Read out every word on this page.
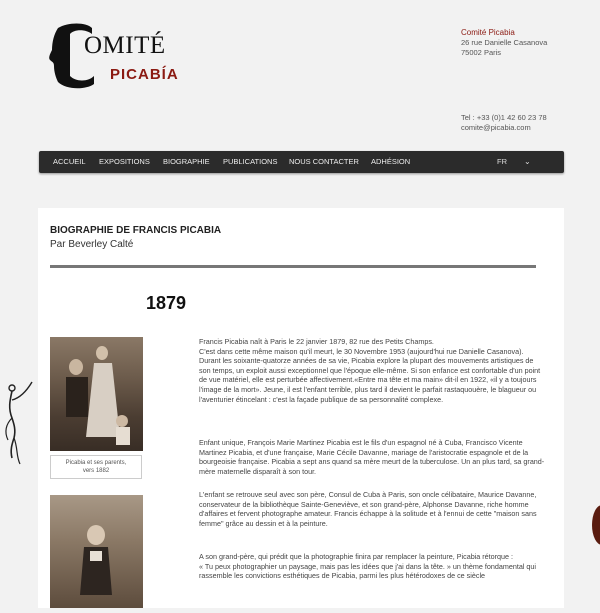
OMITÉ
PICABÍA
Comité Picabia
26 rue Danielle Casanova
75002 Paris
Tel : +33 (0)1 42 60 23 78
comite@picabia.com
ACCUEIL EXPOSITIONS BIOGRAPHIE PUBLICATIONS NOUS CONTACTER ADHÉSION	FR ⌄
BIOGRAPHIE DE FRANCIS PICABIA
Par Beverley Calté
1879
Picabia et ses parents,
vers 1882

Francis Picabia naît à Paris le 22 janvier 1879, 82 rue des Petits Champs.

C'est dans cette même maison qu'il meurt, le 30 Novembre 1953 (aujourd'hui rue Danielle Casanova).

Durant les soixante-quatorze années de sa vie, Picabia explore la plupart des mouvements artistiques de son temps, un exploit aussi exceptionnel que l'époque elle-même. Si son enfance est confortable d'un point de vue matériel, elle est perturbée affectivement.«Entre ma tête et ma main» dit-il en 1922, «il y a toujours l'image de la mort». Jeune, il est l'enfant terrible, plus tard il devient le parfait rastaquouère, le blagueur ou l'aventurier étincelant : c'est la façade publique de sa personnalité complexe.

Enfant unique, François Marie Martinez Picabia est le fils d'un espagnol né à Cuba, Francisco Vicente Martinez Picabia, et d'une française, Marie Cécile Davanne, mariage de l'aristocratie espagnole et de la bourgeoisie française. Picabia a sept ans quand sa mère meurt de la tuberculose. Un an plus tard, sa grand-mère maternelle disparaît à son tour.

L'enfant se retrouve seul avec son père, Consul de Cuba à Paris, son oncle célibataire, Maurice Davanne, conservateur de la bibliothèque Sainte-Geneviève, et son grand-père, Alphonse Davanne, riche homme d'affaires et fervent photographe amateur. Francis échappe à la solitude et à l'ennui de cette "maison sans femme" grâce au dessin et à la peinture.

A son grand-père, qui prédit que la photographie finira par remplacer la peinture, Picabia rétorque :

« Tu peux photographier un paysage, mais pas les idées que j'ai dans la tête. » un thème fondamental qui rassemble les convictions esthétiques de Picabia, parmi les plus hétérodoxes de ce siècle
